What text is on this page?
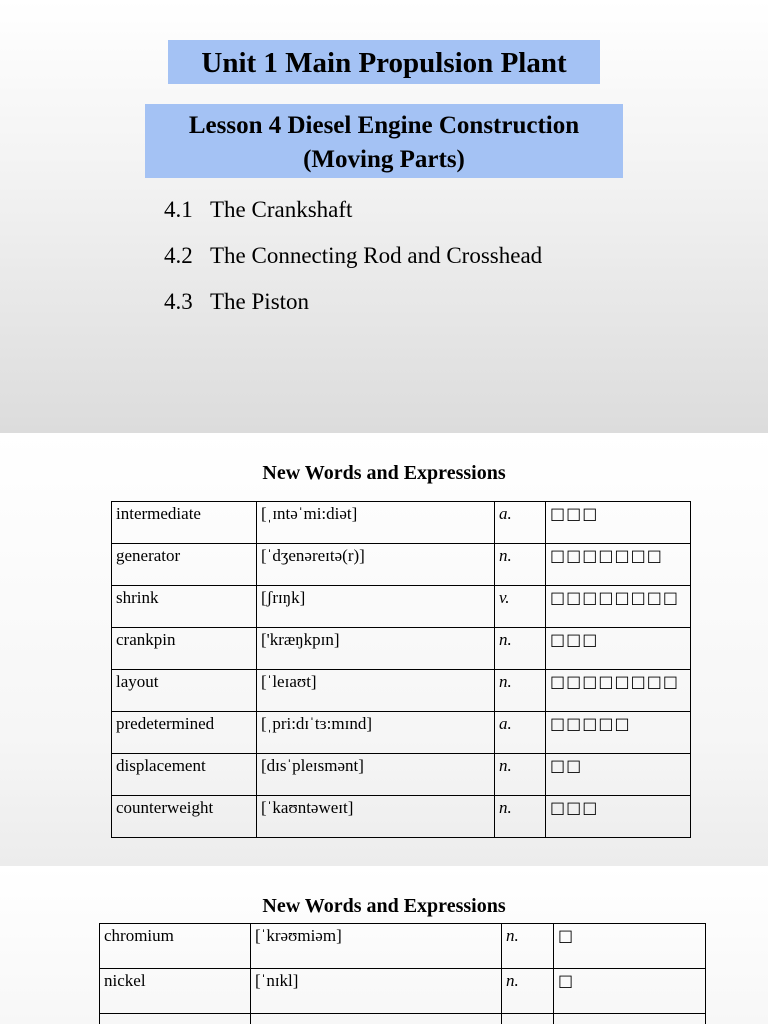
Unit 1 Main Propulsion Plant
Lesson 4 Diesel Engine Construction
(Moving Parts)
4.1 The Crankshaft
4.2 The Connecting Rod and Crosshead
4.3 The Piston
New Words and Expressions
intermediate	[ˌɪntəˈmi:diət]	a.	□□□
generator	[ˈdʒenəreɪtə(r)]	n.	□□□□□□□
shrink	[ʃrɪŋk]	v.	□□□□□□□□
crankpin	['kræŋkpɪn]	n.	□□□
layout	[ˈleɪaʊt]	n.	□□□□□□□□
predetermined	[ˌpri:dɪˈtɜ:mɪnd]	a.	□□□□□
displacement	[dɪsˈpleɪsmənt]	n.	□□
counterweight	[ˈkaʊntəweɪt]	n.	□□□
New Words and Expressions
chromium	[ˈkrəʊmiəm]	n.	□
nickel	[ˈnɪkl]	n.	□
